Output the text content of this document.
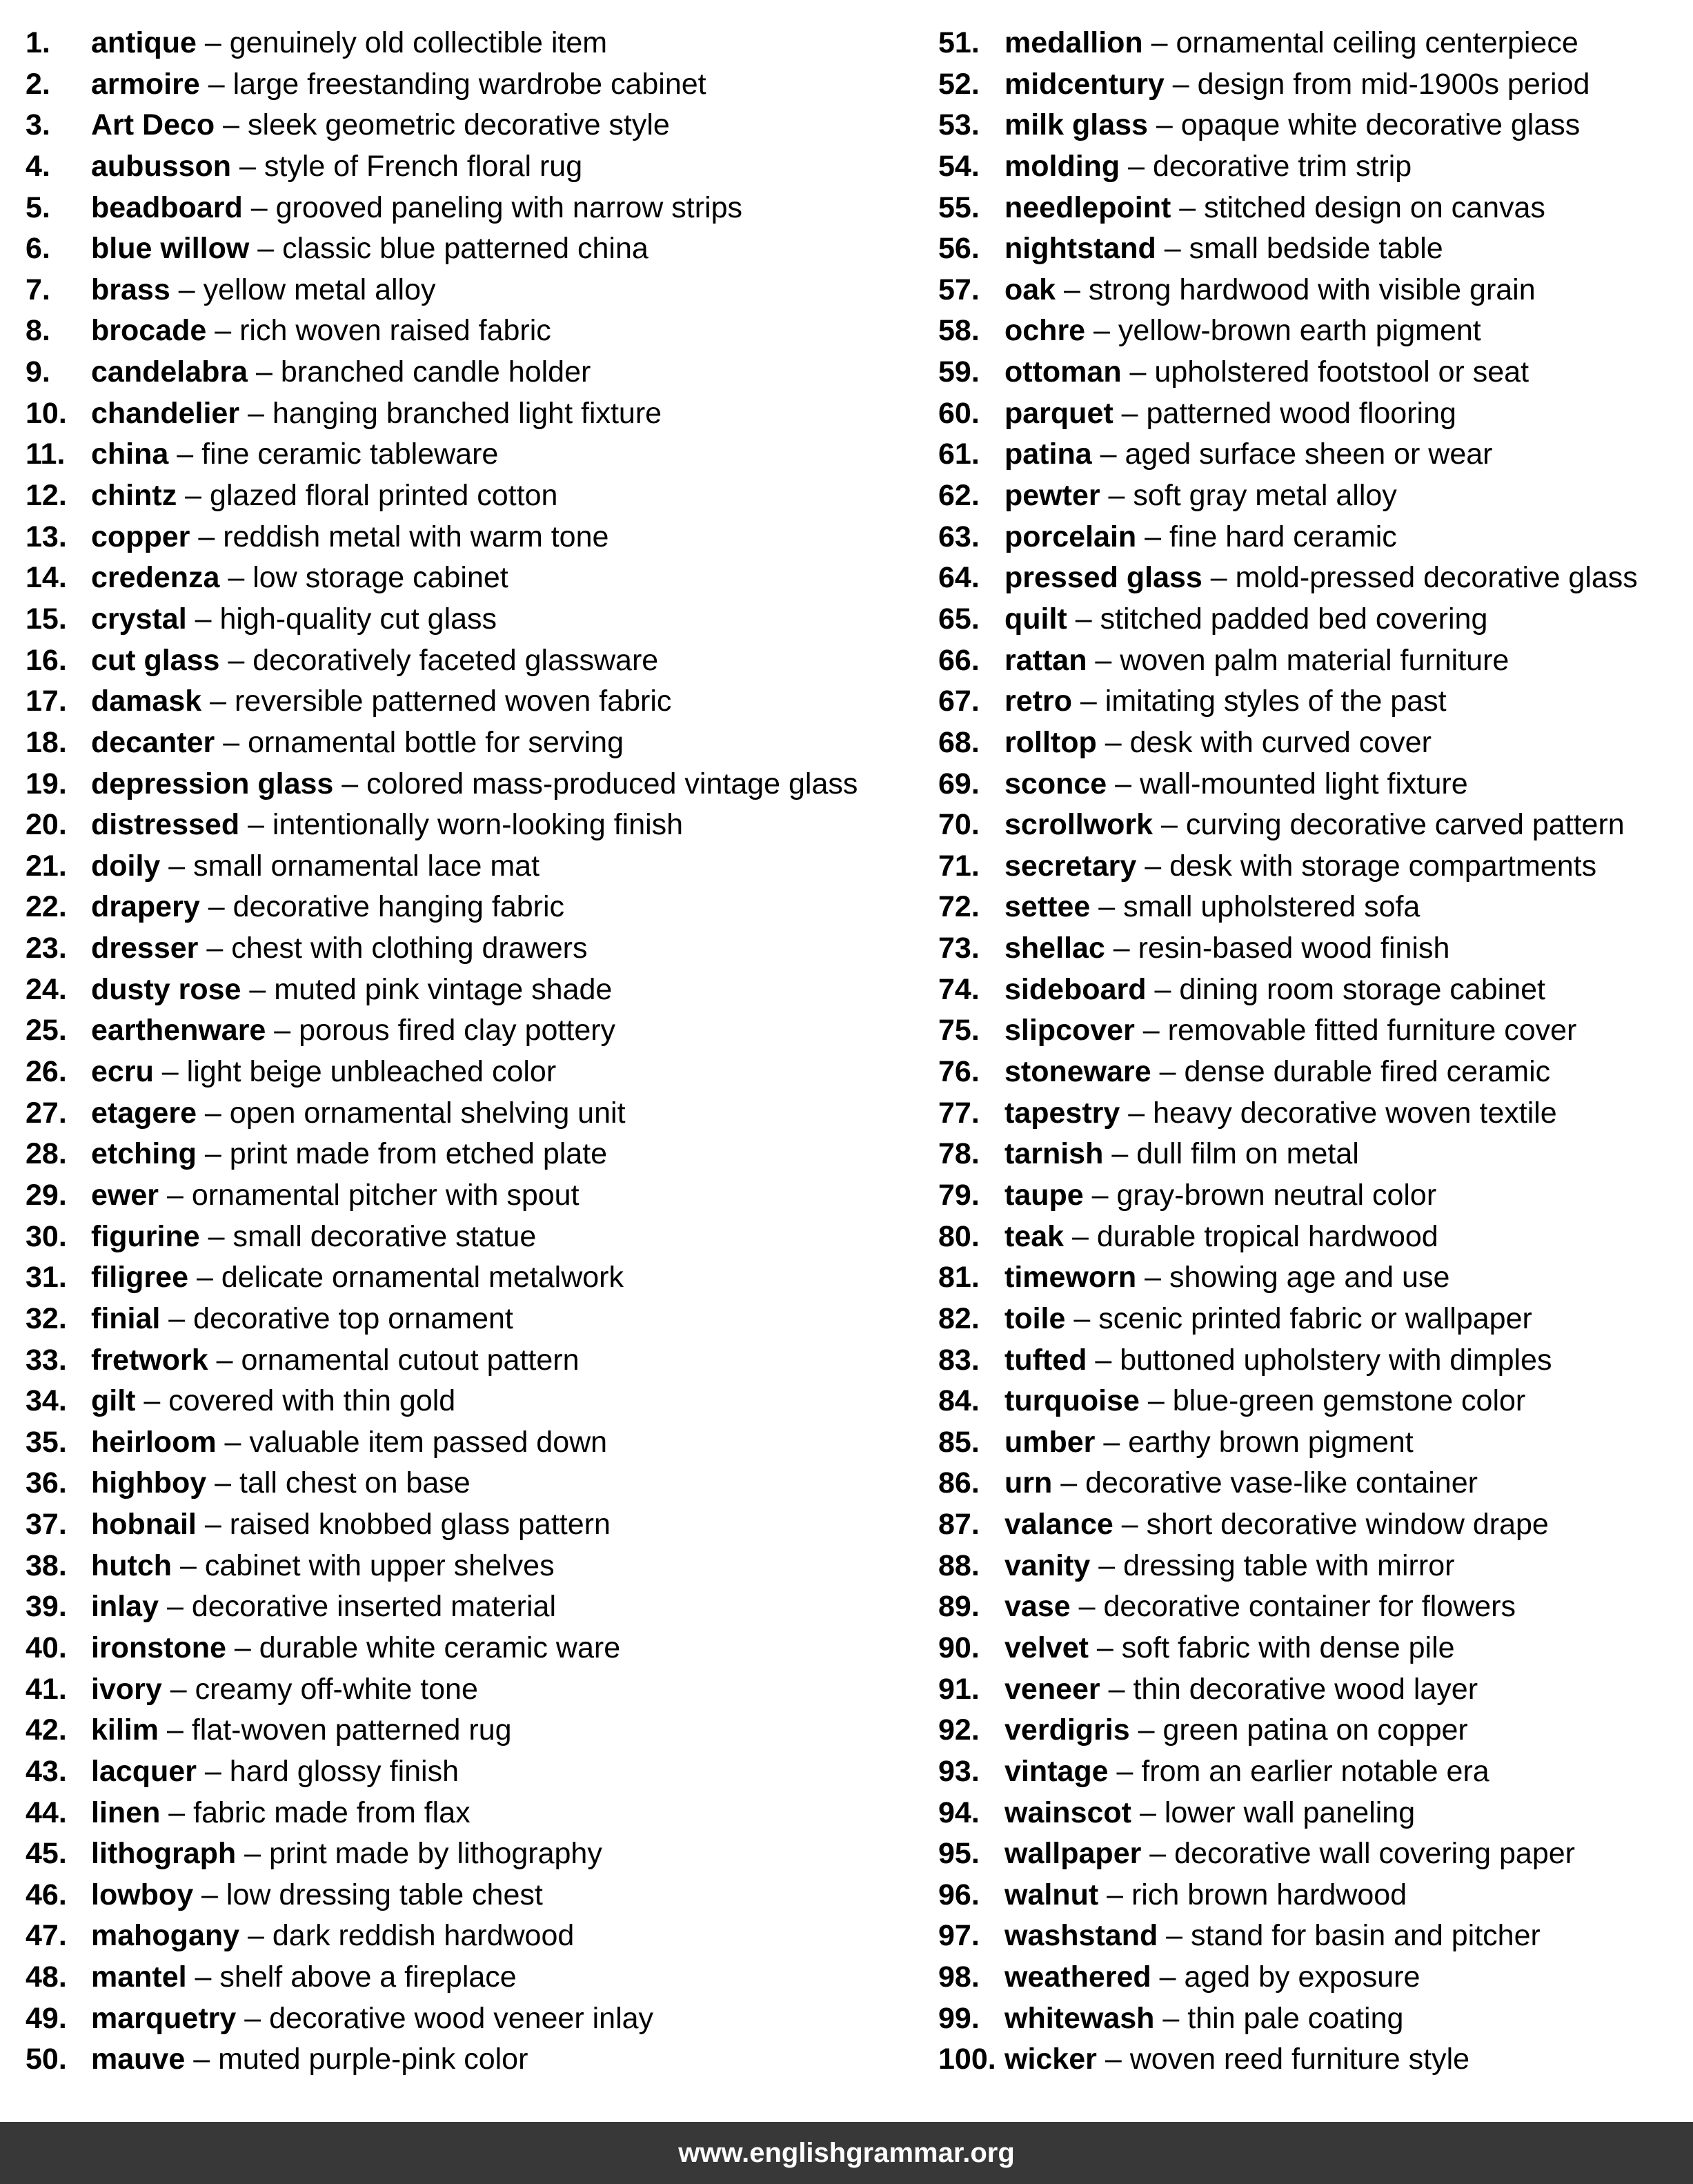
1.	antique – genuinely old collectible item
2.	armoire – large freestanding wardrobe cabinet
3.	Art Deco – sleek geometric decorative style
4.	aubusson – style of French floral rug
5.	beadboard – grooved paneling with narrow strips
6.	blue willow – classic blue patterned china
7.	brass – yellow metal alloy
8.	brocade – rich woven raised fabric
9.	candelabra – branched candle holder
10. chandelier – hanging branched light fixture
11. china – fine ceramic tableware
12. chintz – glazed floral printed cotton
13. copper – reddish metal with warm tone
14. credenza – low storage cabinet
15. crystal – high-quality cut glass
16. cut glass – decoratively faceted glassware
17. damask – reversible patterned woven fabric
18. decanter – ornamental bottle for serving
19. depression glass – colored mass-produced vintage glass
20. distressed – intentionally worn-looking finish
21. doily – small ornamental lace mat
22. drapery – decorative hanging fabric
23. dresser – chest with clothing drawers
24. dusty rose – muted pink vintage shade
25. earthenware – porous fired clay pottery
26. ecru – light beige unbleached color
27. etagere – open ornamental shelving unit
28. etching – print made from etched plate
29. ewer – ornamental pitcher with spout
30. figurine – small decorative statue
31. filigree – delicate ornamental metalwork
32. finial – decorative top ornament
33. fretwork – ornamental cutout pattern
34. gilt – covered with thin gold
35. heirloom – valuable item passed down
36. highboy – tall chest on base
37. hobnail – raised knobbed glass pattern
38. hutch – cabinet with upper shelves
39. inlay – decorative inserted material
40. ironstone – durable white ceramic ware
41. ivory – creamy off-white tone
42. kilim – flat-woven patterned rug
43. lacquer – hard glossy finish
44. linen – fabric made from flax
45. lithograph – print made by lithography
46. lowboy – low dressing table chest
47. mahogany – dark reddish hardwood
48. mantel – shelf above a fireplace
49. marquetry – decorative wood veneer inlay
50. mauve – muted purple-pink color
51. medallion – ornamental ceiling centerpiece
52. midcentury – design from mid-1900s period
53. milk glass – opaque white decorative glass
54. molding – decorative trim strip
55. needlepoint – stitched design on canvas
56. nightstand – small bedside table
57. oak – strong hardwood with visible grain
58. ochre – yellow-brown earth pigment
59. ottoman – upholstered footstool or seat
60. parquet – patterned wood flooring
61. patina – aged surface sheen or wear
62. pewter – soft gray metal alloy
63. porcelain – fine hard ceramic
64. pressed glass – mold-pressed decorative glass
65. quilt – stitched padded bed covering
66. rattan – woven palm material furniture
67. retro – imitating styles of the past
68. rolltop – desk with curved cover
69. sconce – wall-mounted light fixture
70. scrollwork – curving decorative carved pattern
71. secretary – desk with storage compartments
72. settee – small upholstered sofa
73. shellac – resin-based wood finish
74. sideboard – dining room storage cabinet
75. slipcover – removable fitted furniture cover
76. stoneware – dense durable fired ceramic
77. tapestry – heavy decorative woven textile
78. tarnish – dull film on metal
79. taupe – gray-brown neutral color
80. teak – durable tropical hardwood
81. timeworn – showing age and use
82. toile – scenic printed fabric or wallpaper
83. tufted – buttoned upholstery with dimples
84. turquoise – blue-green gemstone color
85. umber – earthy brown pigment
86. urn – decorative vase-like container
87. valance – short decorative window drape
88. vanity – dressing table with mirror
89. vase – decorative container for flowers
90. velvet – soft fabric with dense pile
91. veneer – thin decorative wood layer
92. verdigris – green patina on copper
93. vintage – from an earlier notable era
94. wainscot – lower wall paneling
95. wallpaper – decorative wall covering paper
96. walnut – rich brown hardwood
97. washstand – stand for basin and pitcher
98. weathered – aged by exposure
99. whitewash – thin pale coating
100. wicker – woven reed furniture style
www.englishgrammar.org
